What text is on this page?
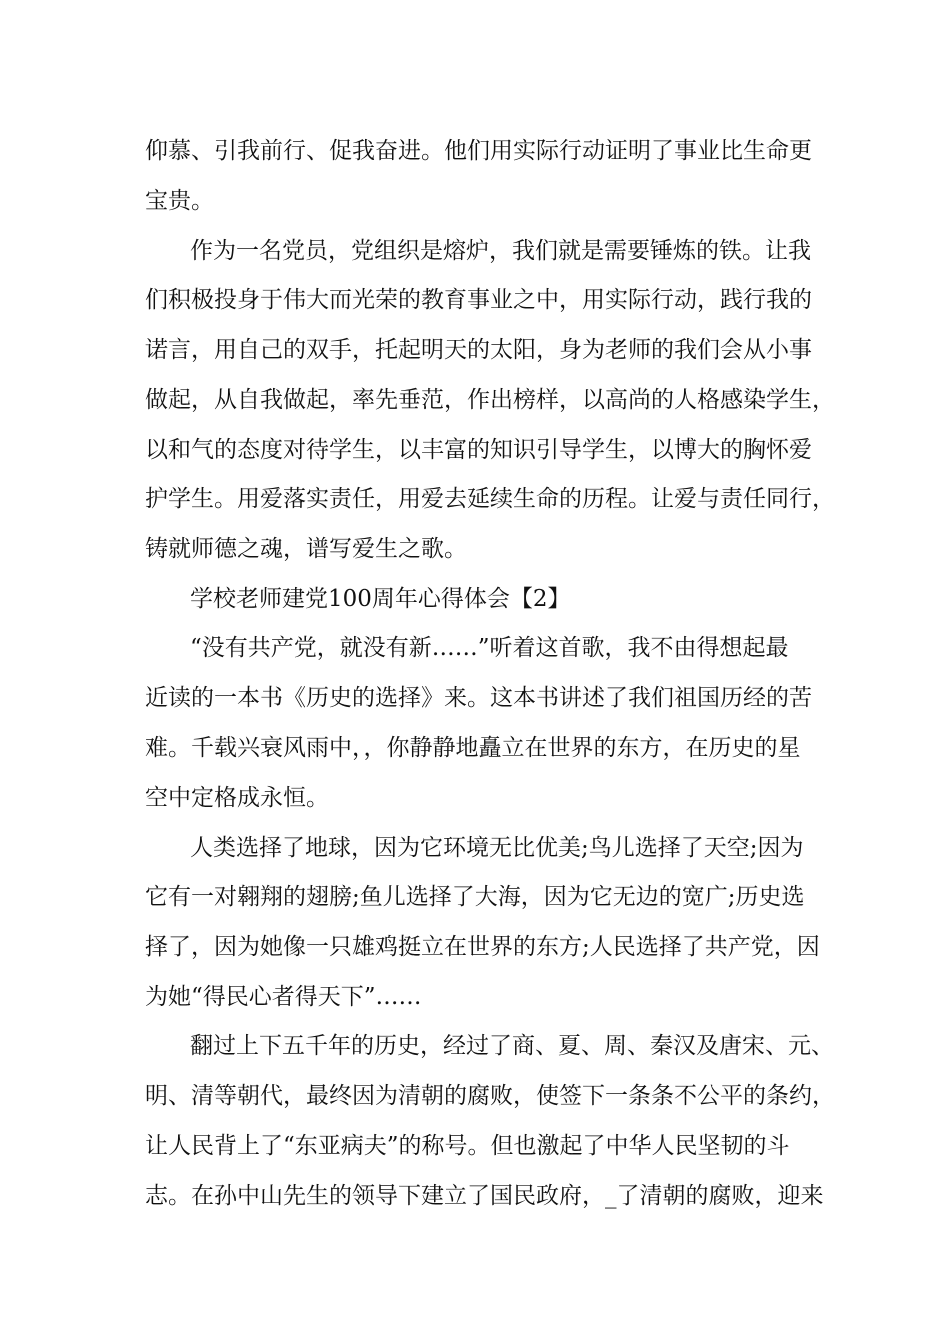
仰慕、引我前行、促我奋进。他们用实际行动证明了事业比生命更
宝贵。
作为一名党员，党组织是熔炉，我们就是需要锤炼的铁。让我
们积极投身于伟大而光荣的教育事业之中，用实际行动，践行我的
诺言，用自己的双手，托起明天的太阳，身为老师的我们会从小事
做起，从自我做起，率先垂范，作出榜样，以高尚的人格感染学生，
以和气的态度对待学生，以丰富的知识引导学生，以博大的胸怀爱
护学生。用爱落实责任，用爱去延续生命的历程。让爱与责任同行，
铸就师德之魂，谱写爱生之歌。
学校老师建党100周年心得体会【2】
“没有共产党，就没有新……”听着这首歌，我不由得想起最
近读的一本书《历史的选择》来。这本书讲述了我们祖国历经的苦
难。千载兴衰风雨中，，你静静地矗立在世界的东方，在历史的星
空中定格成永恒。
人类选择了地球，因为它环境无比优美;鸟儿选择了天空;因为
它有一对翱翔的翅膀;鱼儿选择了大海，因为它无边的宽广;历史选
择了，因为她像一只雄鸡挺立在世界的东方;人民选择了共产党，因
为她“得民心者得天下”……
翻过上下五千年的历史，经过了商、夏、周、秦汉及唐宋、元、
明、清等朝代，最终因为清朝的腐败，使签下一条条不公平的条约，
让人民背上了“东亚病夫”的称号。但也激起了中华人民坚韧的斗
志。在孙中山先生的领导下建立了国民政府，_了清朝的腐败，迎来
